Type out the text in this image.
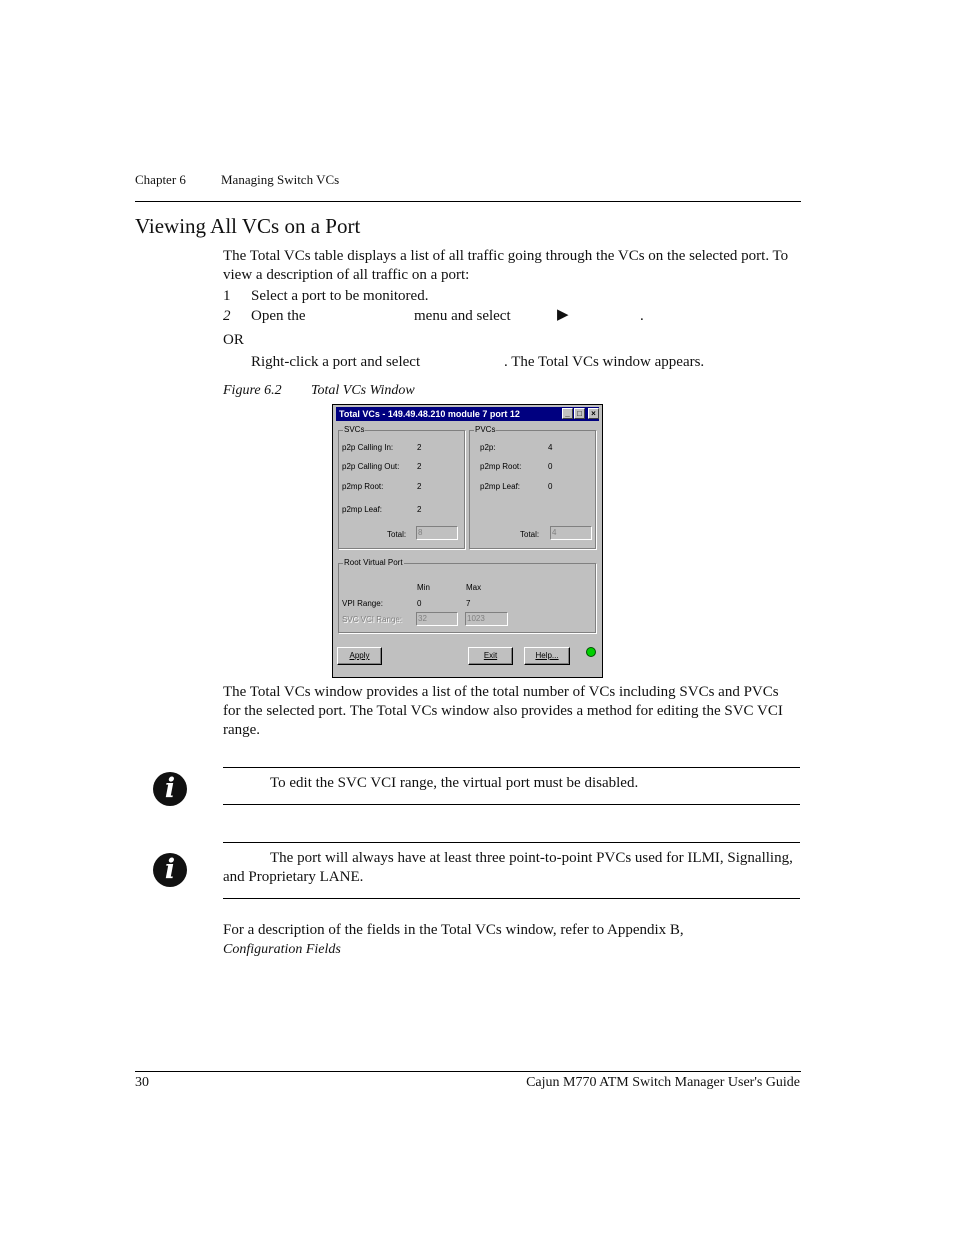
Chapter 6	Managing Switch VCs
Viewing All VCs on a Port
The Total VCs table displays a list of all traffic going through the VCs on the selected port. To view a description of all traffic on a port:
1 Select a port to be monitored.
2 Open the	menu and select	▶	.
OR
Right-click a port and select	. The Total VCs window appears.
Figure 6.2 Total VCs Window
Total VCs - 149.49.48.210 module 7 port 12	_ □	×
SVCs
p2p Calling In:	2
p2p Calling Out: 2
p2mp Root:	2
p2mp Leaf:	2
Total: 8
PVCs
p2p:	4
p2mp Root:	0
p2mp Leaf:	0
Total: 4
Root Virtual Port
Min	Max
VPI Range:	0	7
SVC VCI Range: 32	1023
Apply	Exit	Help...
The Total VCs window provides a list of the total number of VCs including SVCs and PVCs for the selected port. The Total VCs window also provides a method for editing the SVC VCI range.
i	To edit the SVC VCI range, the virtual port must be disabled.
i	The port will always have at least three point-to-point PVCs used for ILMI, Signalling, and Proprietary LANE.
For a description of the fields in the Total VCs window, refer to Appendix B,
Configuration Fields
30	Cajun M770 ATM Switch Manager User's Guide
